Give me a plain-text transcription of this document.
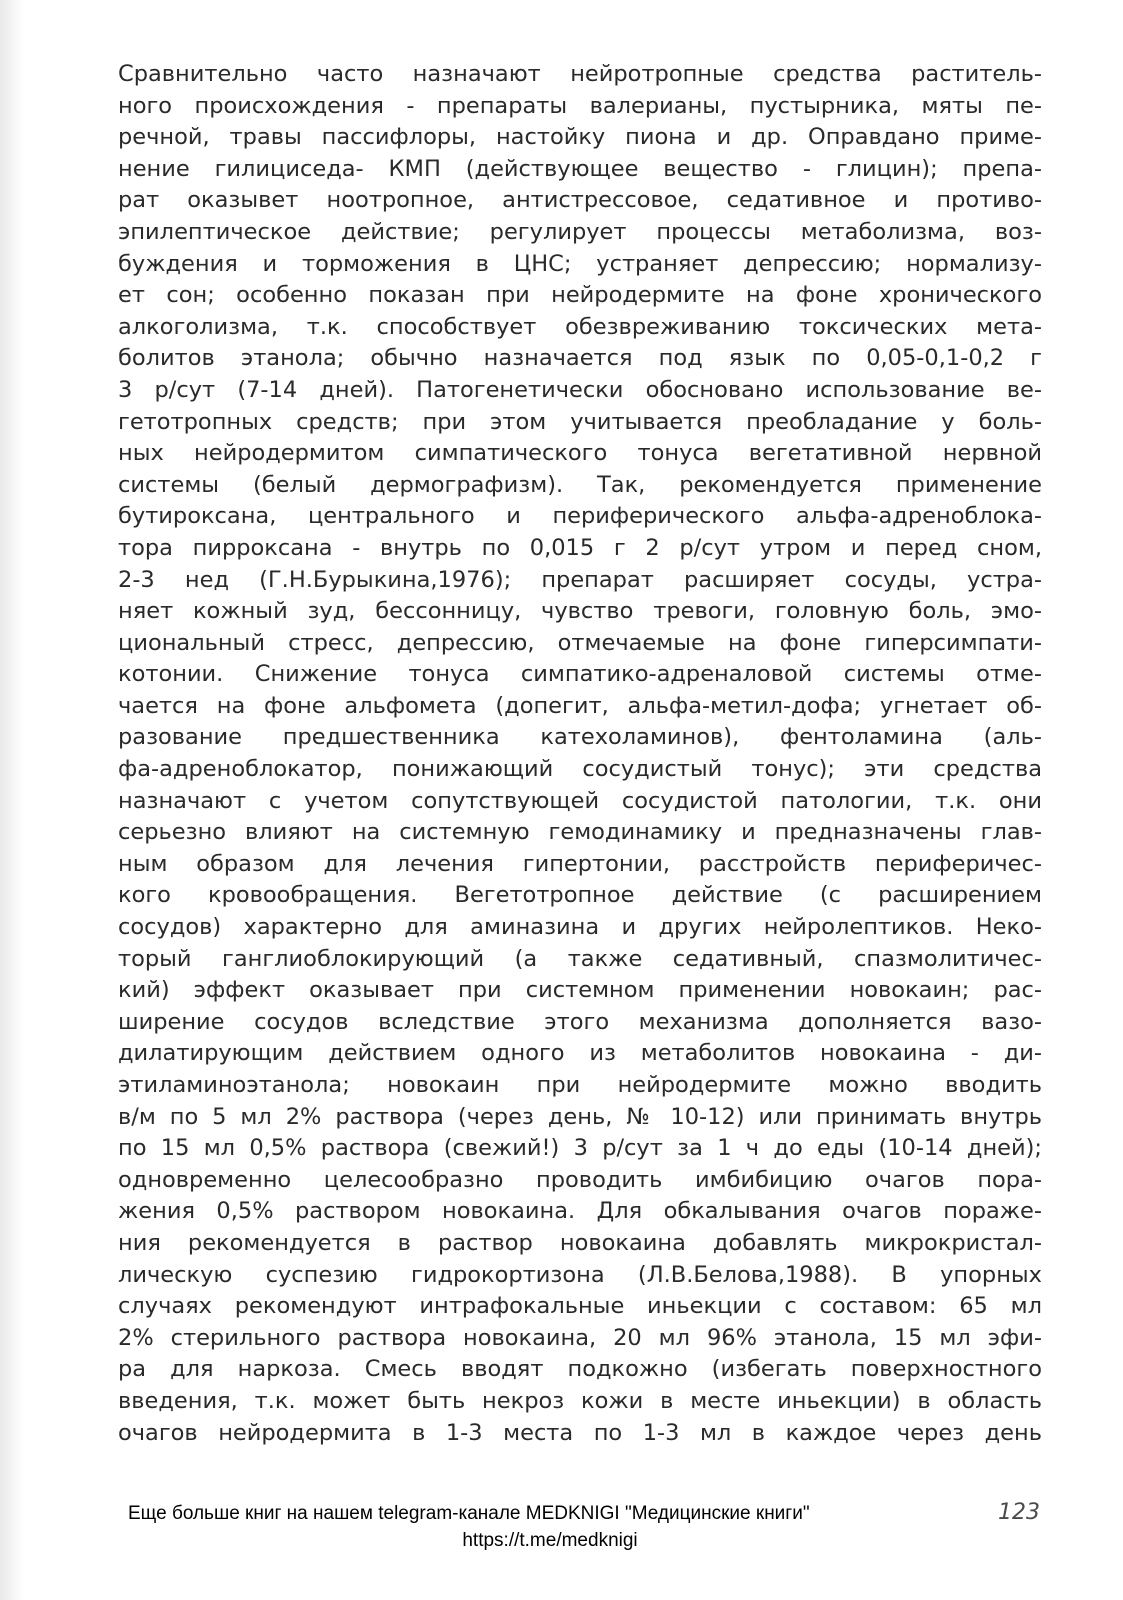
Сравнительно часто назначают нейротропные средства раститель-
ного происхождения - препараты валерианы, пустырника, мяты пе-
речной, травы пассифлоры, настойку пиона и др. Оправдано приме-
нение гилициседа- КМП (действующее вещество - глицин); препа-
рат оказывет ноотропное, антистрессовое, седативное и противо-
эпилептическое действие; регулирует процессы метаболизма, воз-
буждения и торможения в ЦНС; устраняет депрессию; нормализу-
ет сон; особенно показан при нейродермите на фоне хронического
алкоголизма, т.к. способствует обезвреживанию токсических мета-
болитов этанола; обычно назначается под язык по 0,05-0,1-0,2 г
3 р/сут (7-14 дней). Патогенетически обосновано использование ве-
гетотропных средств; при этом учитывается преобладание у боль-
ных нейродермитом симпатического тонуса вегетативной нервной
системы (белый дермографизм). Так, рекомендуется применение
бутироксана, центрального и периферического альфа-адреноблока-
тора пирроксана - внутрь по 0,015 г 2 р/сут утром и перед сном,
2-3 нед (Г.Н.Бурыкина,1976); препарат расширяет сосуды, устра-
няет кожный зуд, бессонницу, чувство тревоги, головную боль, эмо-
циональный стресс, депрессию, отмечаемые на фоне гиперсимпати-
котонии. Снижение тонуса симпатико-адреналовой системы отме-
чается на фоне альфомета (допегит, альфа-метил-дофа; угнетает об-
разование предшественника катехоламинов), фентоламина (аль-
фа-адреноблокатор, понижающий сосудистый тонус); эти средства
назначают с учетом сопутствующей сосудистой патологии, т.к. они
серьезно влияют на системную гемодинамику и предназначены глав-
ным образом для лечения гипертонии, расстройств периферичес-
кого кровообращения. Вегетотропное действие (с расширением
сосудов) характерно для аминазина и других нейролептиков. Неко-
торый ганглиоблокирующий (а также седативный, спазмолитичес-
кий) эффект оказывает при системном применении новокаин; рас-
ширение сосудов вследствие этого механизма дополняется вазо-
дилатирующим действием одного из метаболитов новокаина - ди-
этиламиноэтанола; новокаин при нейродермите можно вводить
в/м по 5 мл 2% раствора (через день, № 10-12) или принимать внутрь
по 15 мл 0,5% раствора (свежий!) 3 р/сут за 1 ч до еды (10-14 дней);
одновременно целесообразно проводить имбибицию очагов пора-
жения 0,5% раствором новокаина. Для обкалывания очагов пораже-
ния рекомендуется в раствор новокаина добавлять микрокристал-
лическую суспезию гидрокортизона (Л.В.Белова,1988). В упорных
случаях рекомендуют интрафокальные иньекции с составом: 65 мл
2% стерильного раствора новокаина, 20 мл 96% этанола, 15 мл эфи-
ра для наркоза. Смесь вводят подкожно (избегать поверхностного
введения, т.к. может быть некроз кожи в месте иньекции) в область
очагов нейродермита в 1-3 места по 1-3 мл в каждое через день
Еще больше книг на нашем telegram-канале MEDKNIGI "Медицинские книги"	123
https://t.me/medknigi
